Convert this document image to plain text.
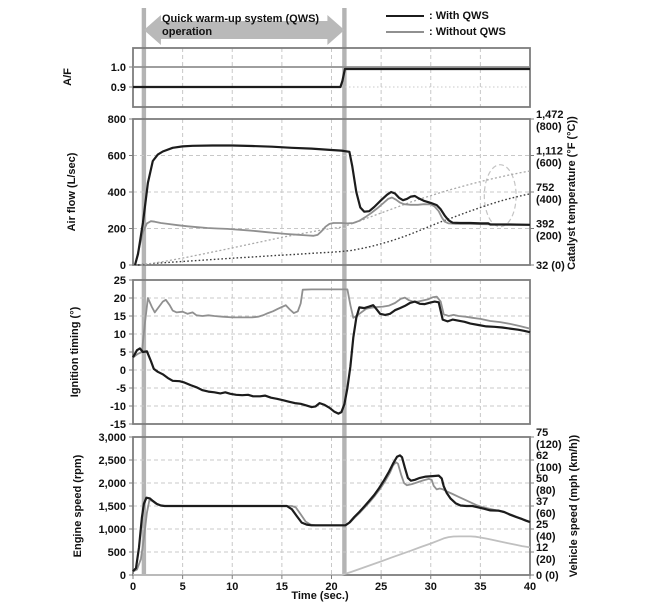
1.0
0.9
800
600
400
200
0
1,472
(800)
1,112
(600)
752
(400)
392
(200)
32 (0)
25
20
15
10
5
0
-5
-10
-15
3,000
2,500
2,000
1,500
1,000
500
0
75
(120)
62
(100)
50
(80)
37
(60)
25
(40)
12
(20)
0 (0)
0	5	10	15	20	25	30	35	40
Quick warm-up system (QWS)
operation
: With QWS
: Without QWS
A/F
Air flow (L/sec)
Ignition timing (°)
Engine speed (rpm)
Catalyst temperature (°F (°C))
Vehicle speed (mph (km/h))
Time (sec.)
